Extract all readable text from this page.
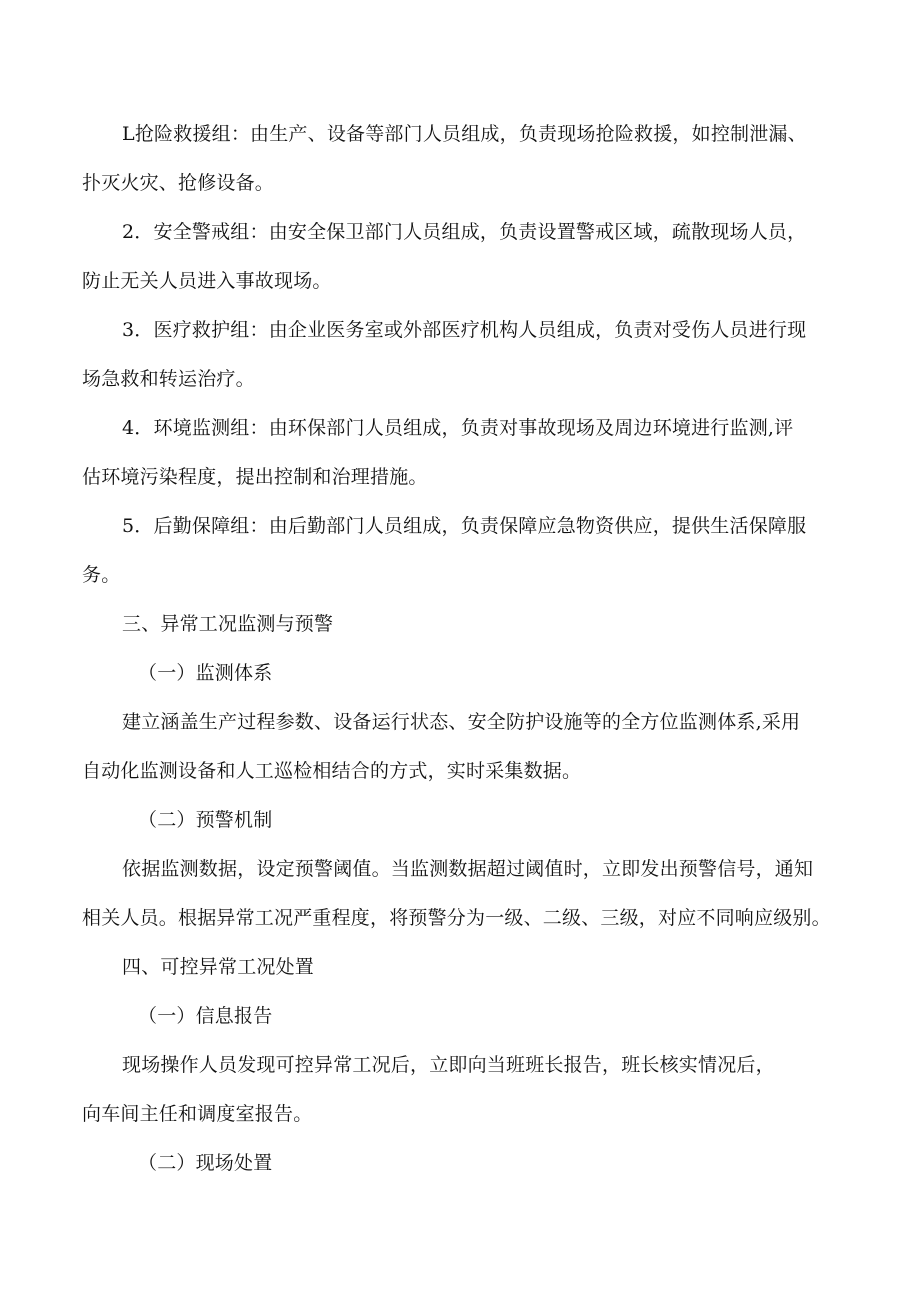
L抢险救援组：由生产、设备等部门人员组成，负责现场抢险救援，如控制泄漏、
扑灭火灾、抢修设备。
2．安全警戒组：由安全保卫部门人员组成，负责设置警戒区域，疏散现场人员，
防止无关人员进入事故现场。
3．医疗救护组：由企业医务室或外部医疗机构人员组成，负责对受伤人员进行现
场急救和转运治疗。
4．环境监测组：由环保部门人员组成，负责对事故现场及周边环境进行监测,评
估环境污染程度，提出控制和治理措施。
5．后勤保障组：由后勤部门人员组成，负责保障应急物资供应，提供生活保障服
务。
三、异常工况监测与预警
（一）监测体系
建立涵盖生产过程参数、设备运行状态、安全防护设施等的全方位监测体系,采用
自动化监测设备和人工巡检相结合的方式，实时采集数据。
（二）预警机制
依据监测数据，设定预警阈值。当监测数据超过阈值时，立即发出预警信号，通知
相关人员。根据异常工况严重程度，将预警分为一级、二级、三级，对应不同响应级别。
四、可控异常工况处置
（一）信息报告
现场操作人员发现可控异常工况后，立即向当班班长报告，班长核实情况后，
向车间主任和调度室报告。
（二）现场处置
